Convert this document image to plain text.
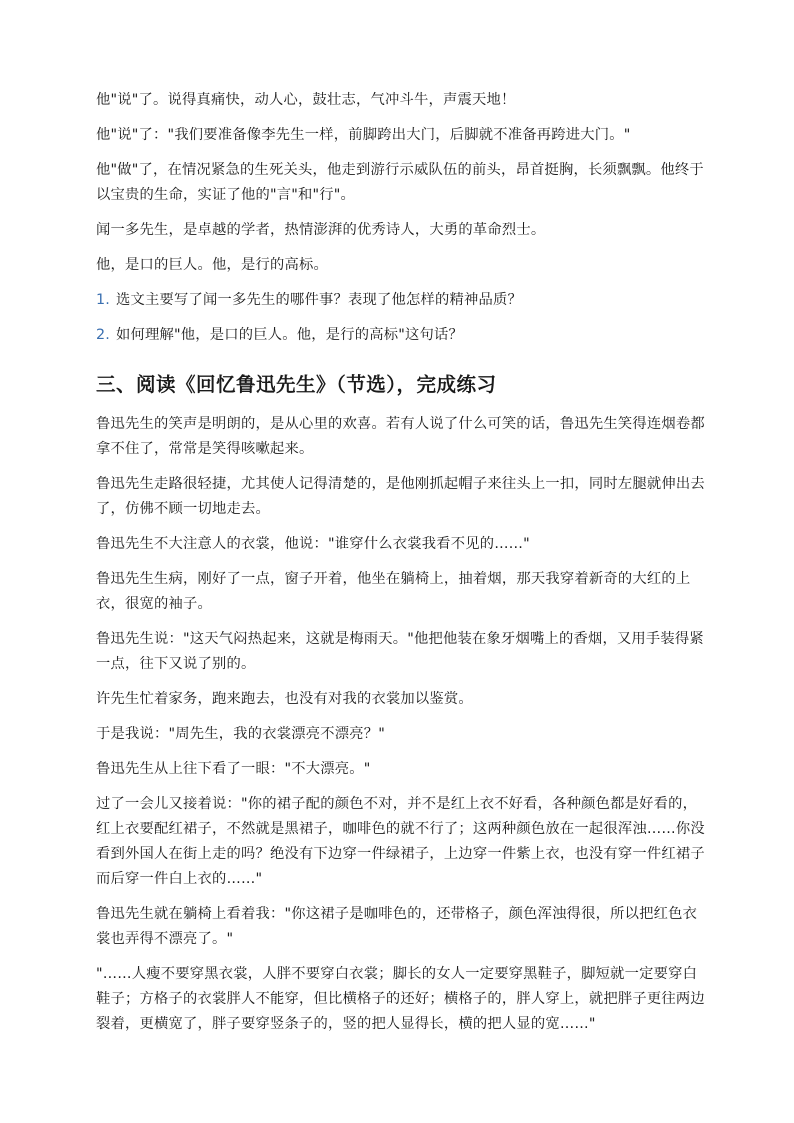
他"说"了。说得真痛快，动人心，鼓壮志，气冲斗牛，声震天地！

他"说"了："我们要准备像李先生一样，前脚跨出大门，后脚就不准备再跨进大门。"

他"做"了，在情况紧急的生死关头，他走到游行示威队伍的前头，昂首挺胸，长须飘飘。他终于以宝贵的生命，实证了他的"言"和"行"。

闻一多先生，是卓越的学者，热情澎湃的优秀诗人，大勇的革命烈士。

他，是口的巨人。他，是行的高标。

1. 选文主要写了闻一多先生的哪件事？表现了他怎样的精神品质？

2. 如何理解"他，是口的巨人。他，是行的高标"这句话？

三、阅读《回忆鲁迅先生》（节选），完成练习

鲁迅先生的笑声是明朗的，是从心里的欢喜。若有人说了什么可笑的话，鲁迅先生笑得连烟卷都拿不住了，常常是笑得咳嗽起来。

鲁迅先生走路很轻捷，尤其使人记得清楚的，是他刚抓起帽子来往头上一扣，同时左腿就伸出去了，仿佛不顾一切地走去。

鲁迅先生不大注意人的衣裳，他说："谁穿什么衣裳我看不见的……"

鲁迅先生生病，刚好了一点，窗子开着，他坐在躺椅上，抽着烟，那天我穿着新奇的大红的上衣，很宽的袖子。

鲁迅先生说："这天气闷热起来，这就是梅雨天。"他把他装在象牙烟嘴上的香烟，又用手装得紧一点，往下又说了别的。

许先生忙着家务，跑来跑去，也没有对我的衣裳加以鉴赏。

于是我说："周先生，我的衣裳漂亮不漂亮？"

鲁迅先生从上往下看了一眼："不大漂亮。"

过了一会儿又接着说："你的裙子配的颜色不对，并不是红上衣不好看，各种颜色都是好看的，红上衣要配红裙子，不然就是黑裙子，咖啡色的就不行了；这两种颜色放在一起很浑浊……你没看到外国人在街上走的吗？绝没有下边穿一件绿裙子，上边穿一件紫上衣，也没有穿一件红裙子而后穿一件白上衣的……"

鲁迅先生就在躺椅上看着我："你这裙子是咖啡色的，还带格子，颜色浑浊得很，所以把红色衣裳也弄得不漂亮了。"

"……人瘦不要穿黑衣裳，人胖不要穿白衣裳；脚长的女人一定要穿黑鞋子，脚短就一定要穿白鞋子；方格子的衣裳胖人不能穿，但比横格子的还好；横格子的，胖人穿上，就把胖子更往两边裂着，更横宽了，胖子要穿竖条子的，竖的把人显得长，横的把人显的宽……"
